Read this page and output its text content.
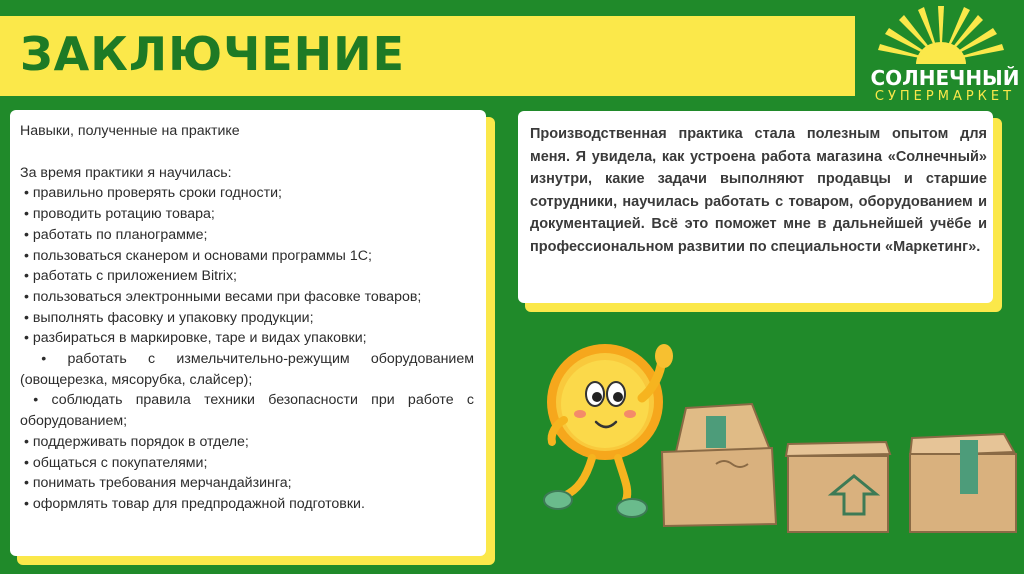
ЗАКЛЮЧЕНИЕ	СОЛНЕЧНЫЙ
СУПЕРМАРКЕТ

Навыки, полученные на практике

За время практики я научилась:

• правильно проверять сроки годности;
• проводить ротацию товара;
• работать по планограмме;
• пользоваться сканером и основами программы 1С;
• работать с приложением Bitrix;
• пользоваться электронными весами при фасовке товаров;
• выполнять фасовку и упаковку продукции;
• разбираться в маркировке, таре и видах упаковки;
• работать с измельчительно-режущим оборудованием (овощерезка, мясорубка, слайсер);
• соблюдать правила техники безопасности при работе с оборудованием;
• поддерживать порядок в отделе;
• общаться с покупателями;
• понимать требования мерчандайзинга;
• оформлять товар для предпродажной подготовки.
Производственная практика стала полезным опытом для меня. Я увидела, как устроена работа магазина «Солнечный» изнутри, какие задачи выполняют продавцы и старшие сотрудники, научилась работать с товаром, оборудованием и документацией. Всё это поможет мне в дальнейшей учёбе и профессиональном развитии по специальности «Маркетинг».
